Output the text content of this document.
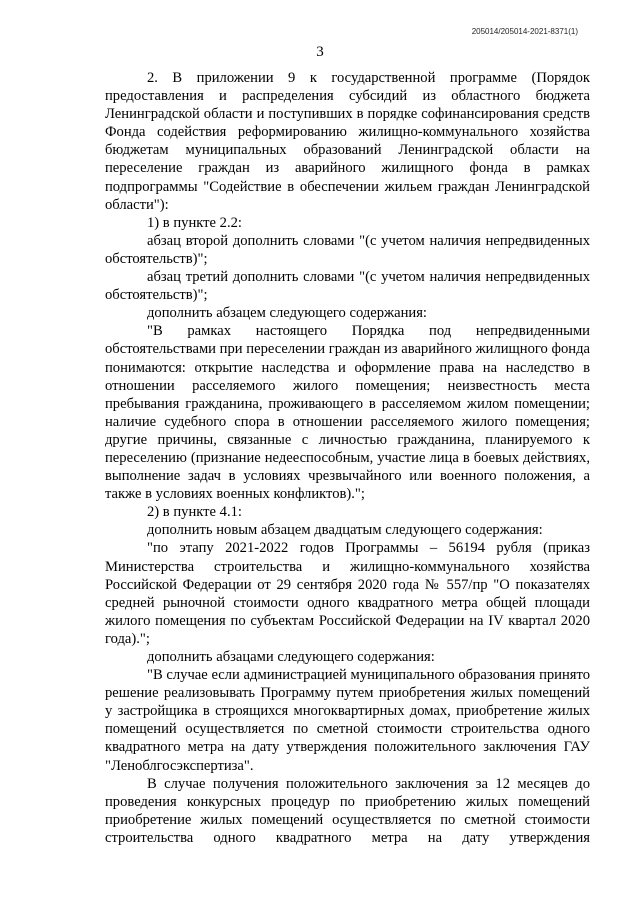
205014/205014-2021-8371(1)
3

2. В приложении 9 к государственной программе (Порядок предоставления и распределения субсидий из областного бюджета Ленинградской области и поступивших в порядке софинансирования средств Фонда содействия реформированию жилищно-коммунального хозяйства бюджетам муниципальных образований Ленинградской области на переселение граждан из аварийного жилищного фонда в рамках подпрограммы "Содействие в обеспечении жильем граждан Ленинградской области"):

1) в пункте 2.2:

абзац второй дополнить словами "(с учетом наличия непредвиденных обстоятельств)";

абзац третий дополнить словами "(с учетом наличия непредвиденных обстоятельств)";

дополнить абзацем следующего содержания:

"В рамках настоящего Порядка под непредвиденными обстоятельствами при переселении граждан из аварийного жилищного фонда понимаются: открытие наследства и оформление права на наследство в отношении расселяемого жилого помещения; неизвестность места пребывания гражданина, проживающего в расселяемом жилом помещении; наличие судебного спора в отношении расселяемого жилого помещения; другие причины, связанные с личностью гражданина, планируемого к переселению (признание недееспособным, участие лица в боевых действиях, выполнение задач в условиях чрезвычайного или военного положения, а также в условиях военных конфликтов).";

2) в пункте 4.1:

дополнить новым абзацем двадцатым следующего содержания:

"по этапу 2021-2022 годов Программы – 56194 рубля (приказ Министерства строительства и жилищно-коммунального хозяйства Российской Федерации от 29 сентября 2020 года № 557/пр "О показателях средней рыночной стоимости одного квадратного метра общей площади жилого помещения по субъектам Российской Федерации на IV квартал 2020 года).";

дополнить абзацами следующего содержания:

"В случае если администрацией муниципального образования принято решение реализовывать Программу путем приобретения жилых помещений у застройщика в строящихся многоквартирных домах, приобретение жилых помещений осуществляется по сметной стоимости строительства одного квадратного метра на дату утверждения положительного заключения ГАУ "Леноблгосэкспертиза".

В случае получения положительного заключения за 12 месяцев до проведения конкурсных процедур по приобретению жилых помещений приобретение жилых помещений осуществляется по сметной стоимости строительства одного квадратного метра на дату утверждения
